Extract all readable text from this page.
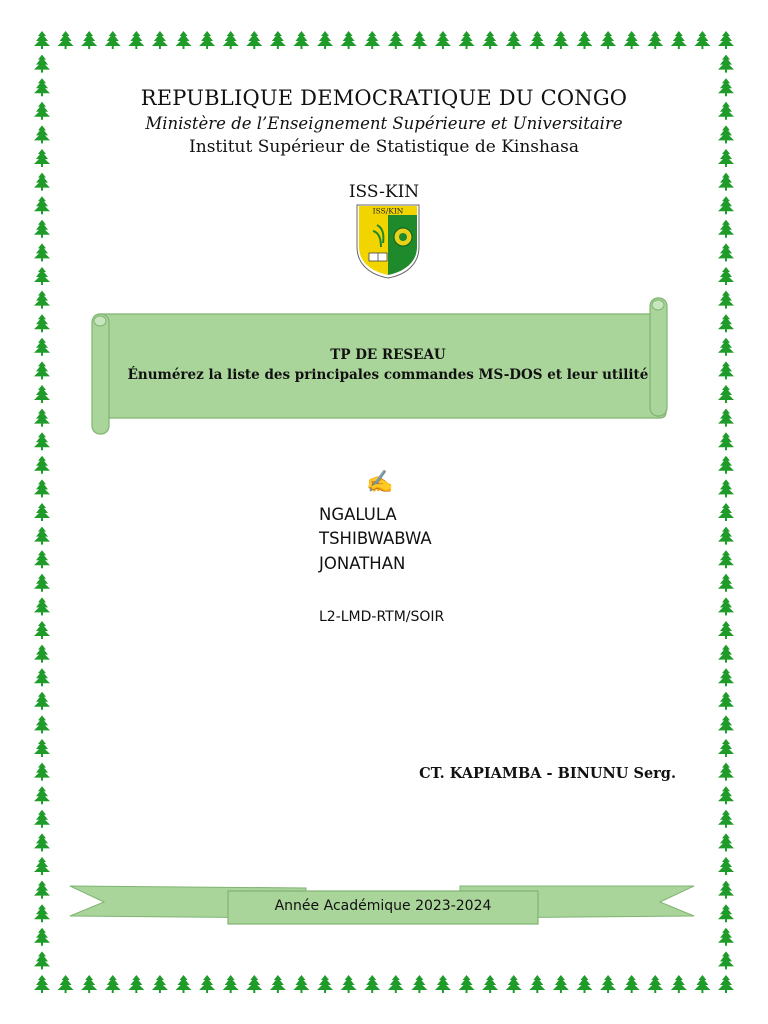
REPUBLIQUE DEMOCRATIQUE DU CONGO
Ministère de l’Enseignement Supérieure et Universitaire
Institut Supérieur de Statistique de Kinshasa
ISS-KIN
ISS/KIN
TP DE RESEAU
Énumérez la liste des principales commandes MS-DOS et leur utilité
✍
NGALULA
TSHIBWABWA
JONATHAN
L2-LMD-RTM/SOIR
CT. KAPIAMBA - BINUNU Serg.
Année Académique 2023-2024
